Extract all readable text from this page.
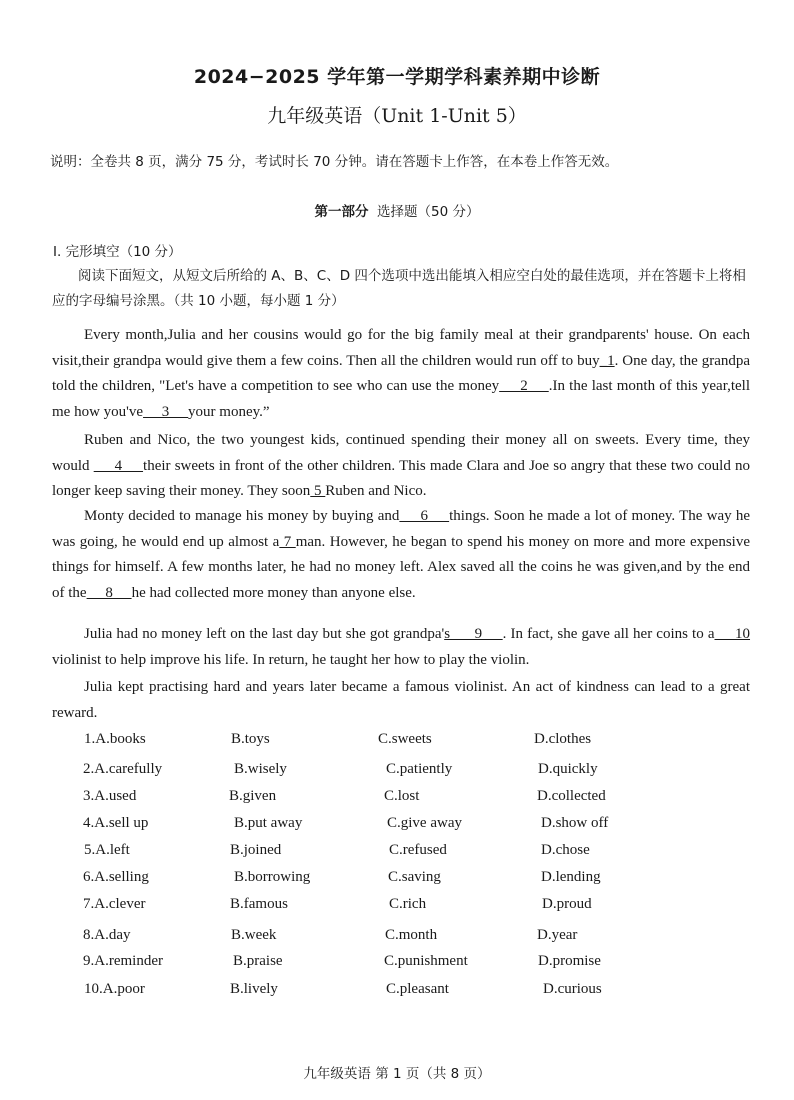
2024−2025 学年第一学期学科素养期中诊断
九年级英语（Unit 1-Unit 5）
说明：全卷共 8 页，满分 75 分，考试时长 70 分钟。请在答题卡上作答，在本卷上作答无效。
第一部分 选择题（50 分）
I. 完形填空（10 分）
阅读下面短文，从短文后所给的 A、B、C、D 四个选项中选出能填入相应空白处的最佳选项，并在答题卡上将相应的字母编号涂黑。（共 10 小题，每小题 1 分）

Every month,Julia and her cousins would go for the big family meal at their grandparents' house. On each visit,their grandpa would give them a few coins. Then all the children would run off to buy_1. One day, the grandpa told the children, "Let's have a competition to see who can use the money     2     .In the last month of this year,tell me how you've     3     your money.”

Ruben and Nico, the two youngest kids, continued spending their money all on sweets. Every time, they would      4     their sweets in front of the other children. This made Clara and Joe so angry that these two could no longer keep saving their money. They soon 5 Ruben and Nico.

Monty decided to manage his money by buying and     6     things. Soon he made a lot of money. The way he was going, he would end up almost a 7 man. However, he began to spend his money on more and more expensive things for himself. A few months later, he had no money left. Alex saved all the coins he was given,and by the end of the     8     he had collected more money than anyone else.

Julia had no money left on the last day but she got grandpa's      9     . In fact, she gave all her coins to a     10 violinist to help improve his life. In return, he taught her how to play the violin.

Julia kept practising hard and years later became a famous violinist. An act of kindness can lead to a great reward.

1.A.books	B.toys	C.sweets	D.clothes
2.A.carefully	B.wisely	C.patiently	D.quickly
3.A.used	B.given	C.lost	D.collected
4.A.sell up	B.put away	C.give away	D.show off
5.A.left	B.joined	C.refused	D.chose
6.A.selling	B.borrowing	C.saving	D.lending
7.A.clever	B.famous	C.rich	D.proud
8.A.day	B.week	C.month	D.year
9.A.reminder	B.praise	C.punishment	D.promise
10.A.poor	B.lively	C.pleasant	D.curious
九年级英语 第 1 页（共 8 页）
